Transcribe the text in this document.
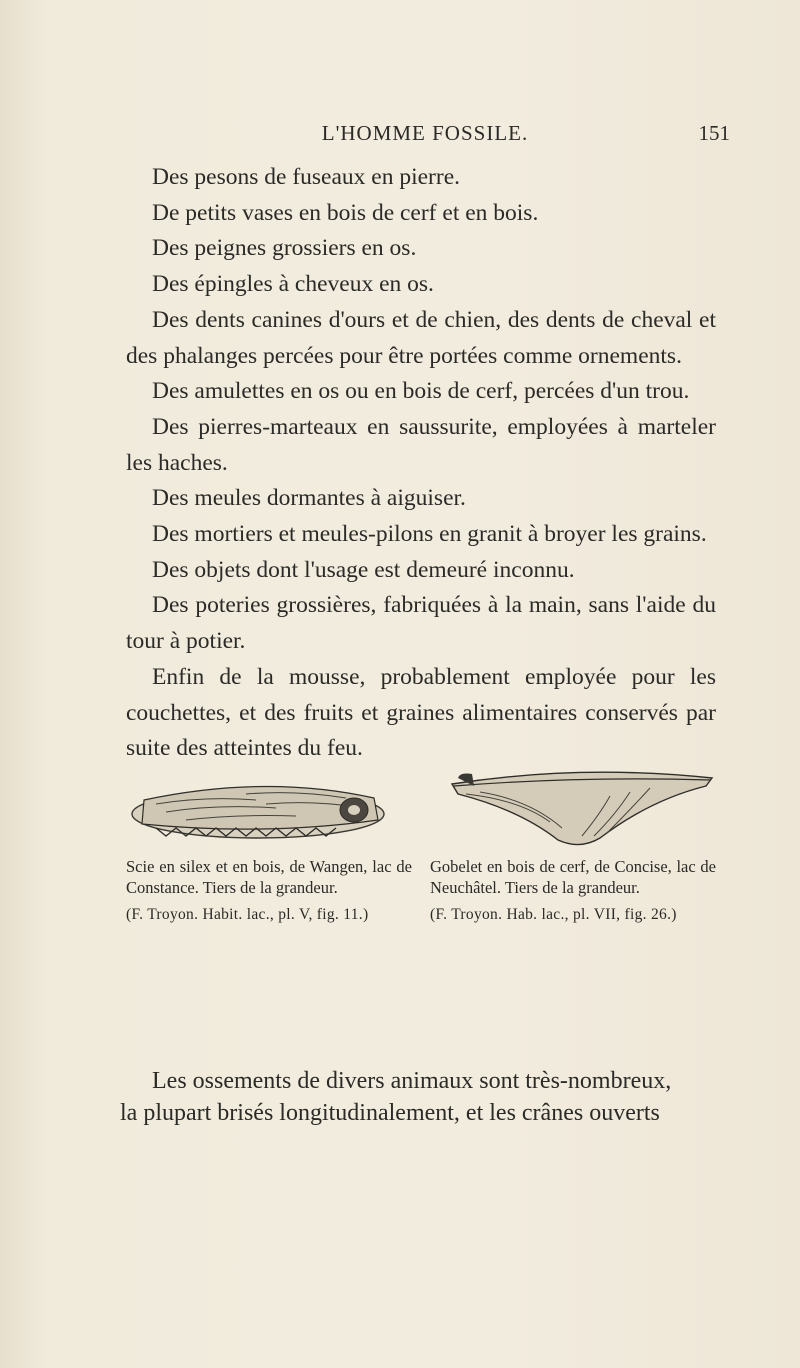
L'HOMME FOSSILE.	151

Des pesons de fuseaux en pierre.

De petits vases en bois de cerf et en bois.

Des peignes grossiers en os.

Des épingles à cheveux en os.

Des dents canines d'ours et de chien, des dents de cheval et des phalanges percées pour être portées comme ornements.

Des amulettes en os ou en bois de cerf, percées d'un trou.

Des pierres-marteaux en saussurite, employées à marteler les haches.

Des meules dormantes à aiguiser.

Des mortiers et meules-pilons en granit à broyer les grains.

Des objets dont l'usage est demeuré inconnu.

Des poteries grossières, fabriquées à la main, sans l'aide du tour à potier.

Enfin de la mousse, probablement employée pour les couchettes, et des fruits et graines alimentaires conservés par suite des atteintes du feu.

Scie en silex et en bois, de Wangen, lac de Constance. Tiers de la grandeur.
(F. Troyon. Habit. lac., pl. V, fig. 11.)
Gobelet en bois de cerf, de Concise, lac de Neuchâtel. Tiers de la grandeur.
(F. Troyon. Hab. lac., pl. VII, fig. 26.)

Les ossements de divers animaux sont très-nombreux,

la plupart brisés longitudinalement, et les crânes ouverts
